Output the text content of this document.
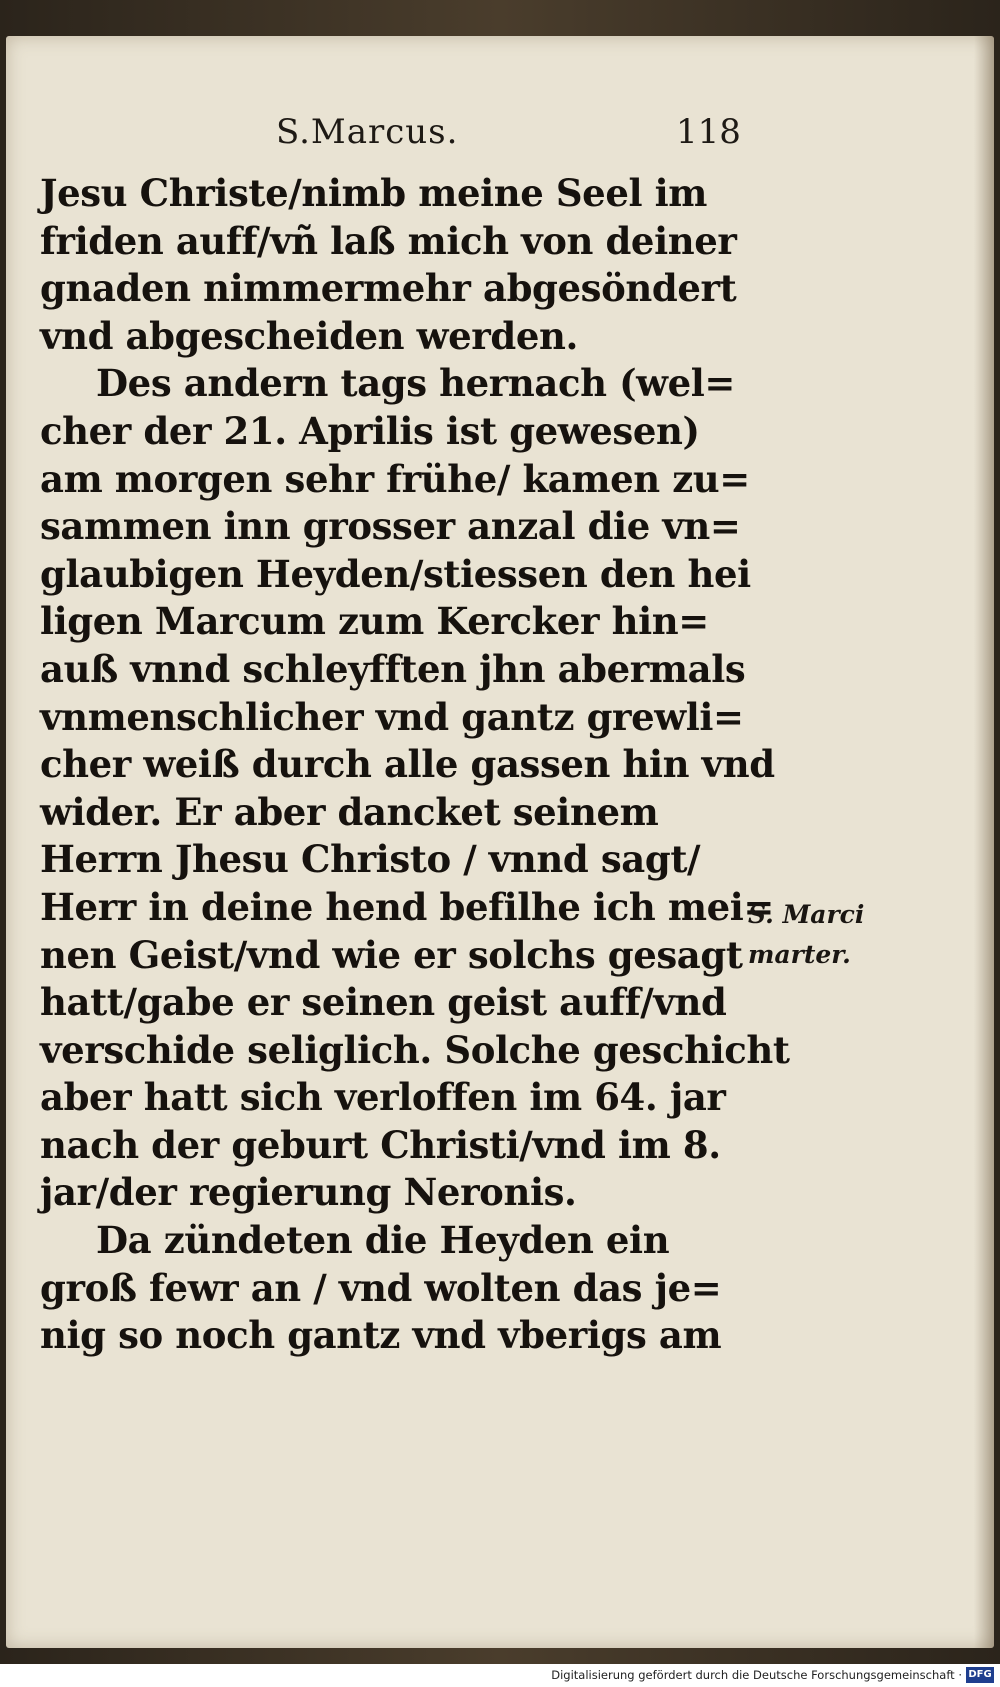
S.Marcus.	118
Jesu Christe/nimb meine Seel im
friden auff/vñ laß mich von deiner
gnaden nimmermehr abgesöndert
vnd abgescheiden werden.
Des andern tags hernach (wel=
cher der 21. Aprilis ist gewesen)
am morgen sehr frühe/ kamen zu=
sammen inn grosser anzal die vn=
glaubigen Heyden/stiessen den hei
ligen Marcum zum Kercker hin=
auß vnnd schleyfften jhn abermals
vnmenschlicher vnd gantz grewli=
cher weiß durch alle gassen hin vnd
wider. Er aber dancket seinem
Herrn Jhesu Christo / vnnd sagt/
Herr in deine hend befilhe ich mei=
nen Geist/vnd wie er solchs gesagt
hatt/gabe er seinen geist auff/vnd
verschide seliglich. Solche geschicht
aber hatt sich verloffen im 64. jar
nach der geburt Christi/vnd im 8.
jar/der regierung Neronis.
Da zündeten die Heyden ein
groß fewr an / vnd wolten das je=
nig so noch gantz vnd vberigs am
S. Marci
marter.
Digitalisierung gefördert durch die Deutsche Forschungsgemeinschaft · DFG
